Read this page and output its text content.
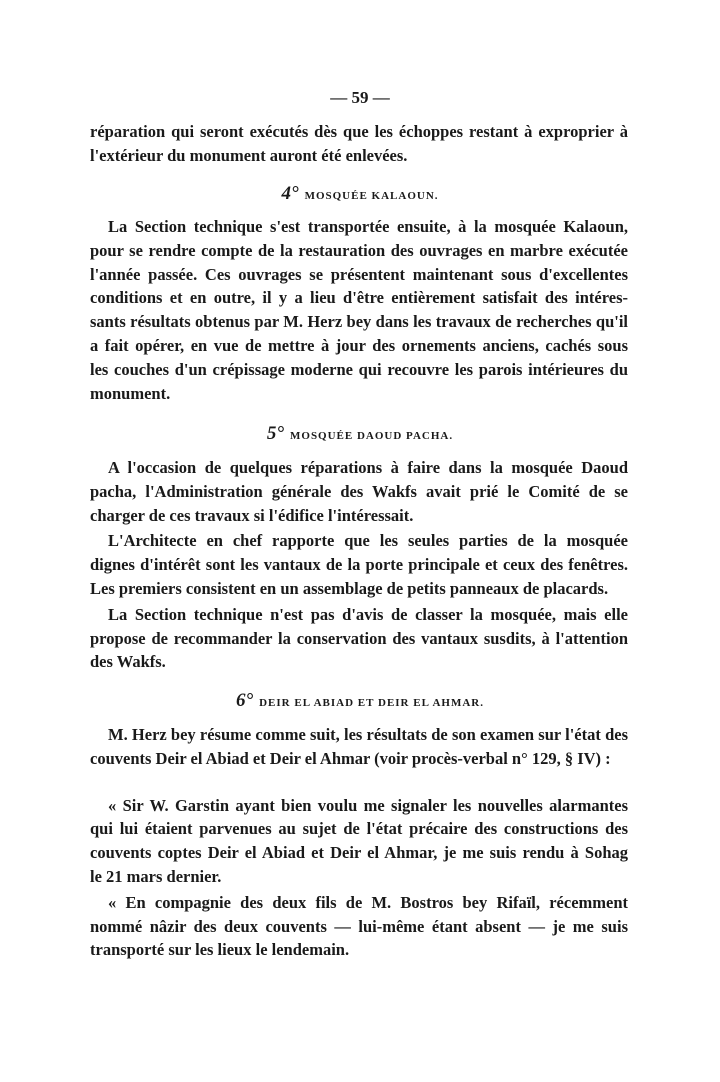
— 59 —
réparation qui seront exécutés dès que les échoppes restant à exproprier à
l'extérieur du monument auront été enlevées.
4° MOSQUÉE KALAOUN.
La Section technique s'est transportée ensuite, à la mosquée Kalaoun,
pour se rendre compte de la restauration des ouvrages en marbre exécutée
l'année passée. Ces ouvrages se présentent maintenant sous d'excellentes
conditions et en outre, il y a lieu d'être entièrement satisfait des intéres-
sants résultats obtenus par M. Herz bey dans les travaux de recherches qu'il
a fait opérer, en vue de mettre à jour des ornements anciens, cachés sous
les couches d'un crépissage moderne qui recouvre les parois intérieures du
monument.
5° MOSQUÉE DAOUD PACHA.
A l'occasion de quelques réparations à faire dans la mosquée Daoud
pacha, l'Administration générale des Wakfs avait prié le Comité de se
charger de ces travaux si l'édifice l'intéressait.
L'Architecte en chef rapporte que les seules parties de la mosquée
dignes d'intérêt sont les vantaux de la porte principale et ceux des fenêtres.
Les premiers consistent en un assemblage de petits panneaux de placards.
La Section technique n'est pas d'avis de classer la mosquée, mais elle
propose de recommander la conservation des vantaux susdits, à l'attention
des Wakfs.
6° DEIR EL ABIAD ET DEIR EL AHMAR.
M. Herz bey résume comme suit, les résultats de son examen sur l'état des
couvents Deir el Abiad et Deir el Ahmar (voir procès-verbal n° 129, § IV) :
« Sir W. Garstin ayant bien voulu me signaler les nouvelles alarmantes
qui lui étaient parvenues au sujet de l'état précaire des constructions des
couvents coptes Deir el Abiad et Deir el Ahmar, je me suis rendu à Sohag
le 21 mars dernier.
« En compagnie des deux fils de M. Bostros bey Rifaïl, récemment
nommé nâzir des deux couvents — lui-même étant absent — je me suis
transporté sur les lieux le lendemain.
